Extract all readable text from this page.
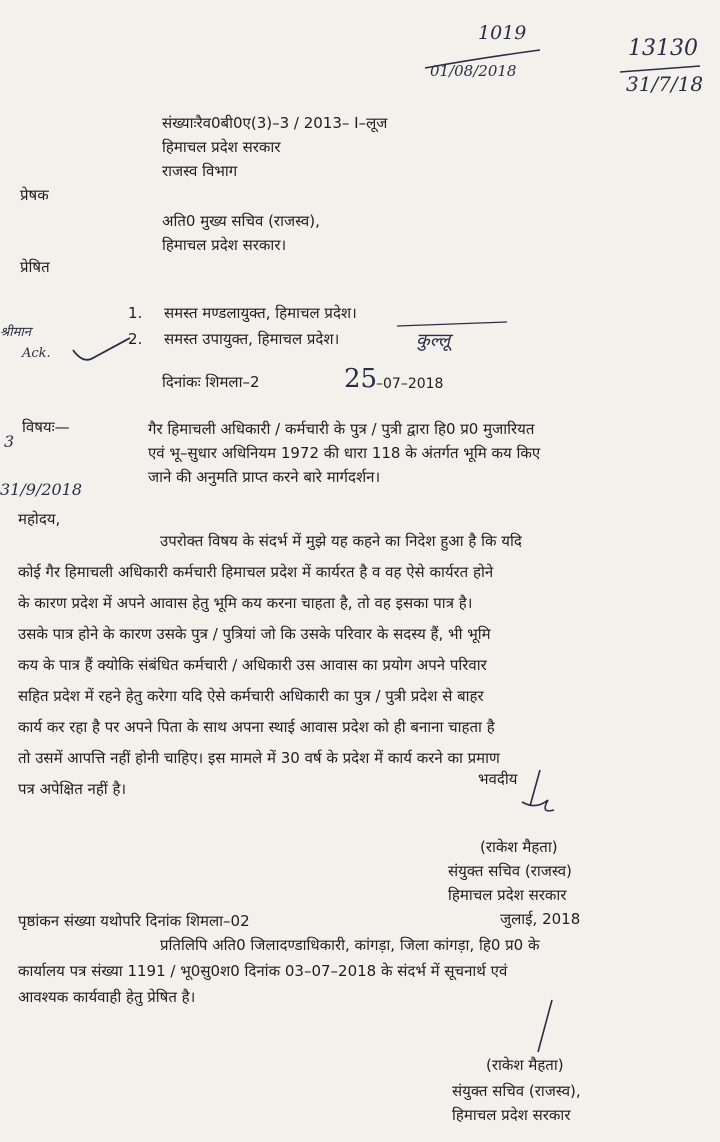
1019
01/08/2018
13130
31/7/18
संख्याःरैव0बी0ए(3)–3 / 2013– I–लूज
हिमाचल प्रदेश सरकार
राजस्व विभाग
प्रेषक
अति0 मुख्य सचिव (राजस्व),
हिमाचल प्रदेश सरकार।
प्रेषित
1. समस्त मण्डलायुक्त, हिमाचल प्रदेश।
2. समस्त उपायुक्त, हिमाचल प्रदेश।	कुल्लू
श्रीमान
Ack.
3
31/9/2018
दिनांकः शिमला–2	25
–07–2018
विषयः—	गैर हिमाचली अधिकारी / कर्मचारी के पुत्र / पुत्री द्वारा हि0 प्र0 मुजारियत
एवं भू–सुधार अधिनियम 1972 की धारा 118 के अंतर्गत भूमि कय किए
जाने की अनुमति प्राप्त करने बारे मार्गदर्शन।
महोदय,
उपरोक्त विषय के संदर्भ में मुझे यह कहने का निदेश हुआ है कि यदि
कोई गैर हिमाचली अधिकारी कर्मचारी हिमाचल प्रदेश में कार्यरत है व वह ऐसे कार्यरत होने
के कारण प्रदेश में अपने आवास हेतु भूमि कय करना चाहता है, तो वह इसका पात्र है।
उसके पात्र होने के कारण उसके पुत्र / पुत्रियां जो कि उसके परिवार के सदस्य हैं, भी भूमि
कय के पात्र हैं क्योकि संबंधित कर्मचारी / अधिकारी उस आवास का प्रयोग अपने परिवार
सहित प्रदेश में रहने हेतु करेगा यदि ऐसे कर्मचारी अधिकारी का पुत्र / पुत्री प्रदेश से बाहर
कार्य कर रहा है पर अपने पिता के साथ अपना स्थाई आवास प्रदेश को ही बनाना चाहता है
तो उसमें आपत्ति नहीं होनी चाहिए। इस मामले में 30 वर्ष के प्रदेश में कार्य करने का प्रमाण
पत्र अपेक्षित नहीं है।
भवदीय
(राकेश मैहता)
संयुक्त सचिव (राजस्व)
हिमाचल प्रदेश सरकार
पृष्ठांकन संख्या यथोपरि दिनांक शिमला–02	जुलाई, 2018
प्रतिलिपि अति0 जिलादण्डाधिकारी, कांगड़ा, जिला कांगड़ा, हि0 प्र0 के
कार्यालय पत्र संख्या 1191 / भू0सु0श0 दिनांक 03–07–2018 के संदर्भ में सूचनार्थ एवं
आवश्यक कार्यवाही हेतु प्रेषित है।
(राकेश मैहता)
संयुक्त सचिव (राजस्व),
हिमाचल प्रदेश सरकार
